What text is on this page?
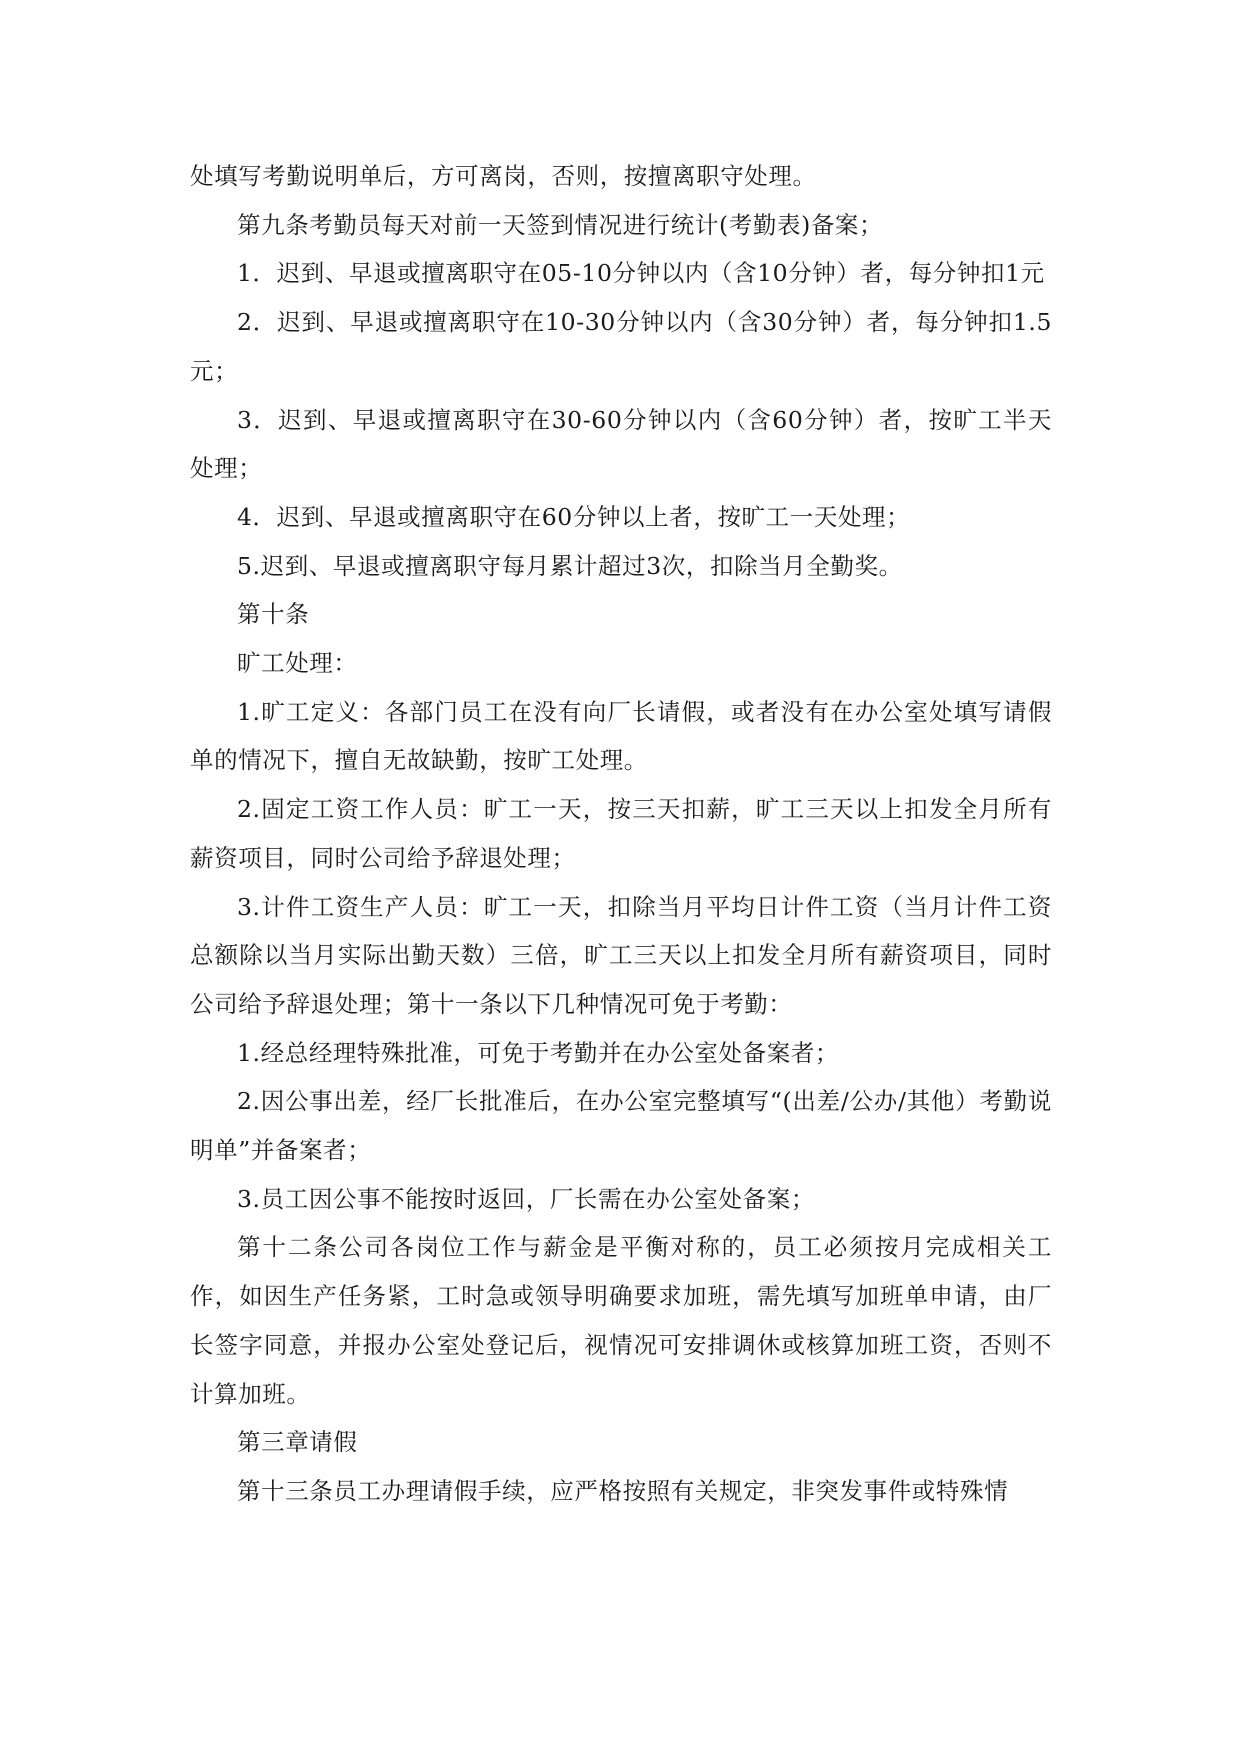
处填写考勤说明单后，方可离岗，否则，按擅离职守处理。

第九条考勤员每天对前一天签到情况进行统计(考勤表)备案；

1．迟到、早退或擅离职守在05-10分钟以内（含10分钟）者，每分钟扣1元

2．迟到、早退或擅离职守在10-30分钟以内（含30分钟）者，每分钟扣1.5元；

3．迟到、早退或擅离职守在30-60分钟以内（含60分钟）者，按旷工半天处理；

4．迟到、早退或擅离职守在60分钟以上者，按旷工一天处理；

5.迟到、早退或擅离职守每月累计超过3次，扣除当月全勤奖。

第十条

旷工处理：

1.旷工定义：各部门员工在没有向厂长请假，或者没有在办公室处填写请假单的情况下，擅自无故缺勤，按旷工处理。

2.固定工资工作人员：旷工一天，按三天扣薪，旷工三天以上扣发全月所有薪资项目，同时公司给予辞退处理；

3.计件工资生产人员：旷工一天，扣除当月平均日计件工资（当月计件工资总额除以当月实际出勤天数）三倍，旷工三天以上扣发全月所有薪资项目，同时公司给予辞退处理；第十一条以下几种情况可免于考勤：

1.经总经理特殊批准，可免于考勤并在办公室处备案者；

2.因公事出差，经厂长批准后，在办公室完整填写“(出差/公办/其他）考勤说明单”并备案者；

3.员工因公事不能按时返回，厂长需在办公室处备案；

第十二条公司各岗位工作与薪金是平衡对称的，员工必须按月完成相关工作，如因生产任务紧，工时急或领导明确要求加班，需先填写加班单申请，由厂长签字同意，并报办公室处登记后，视情况可安排调休或核算加班工资，否则不计算加班。

第三章请假

第十三条员工办理请假手续，应严格按照有关规定，非突发事件或特殊情
